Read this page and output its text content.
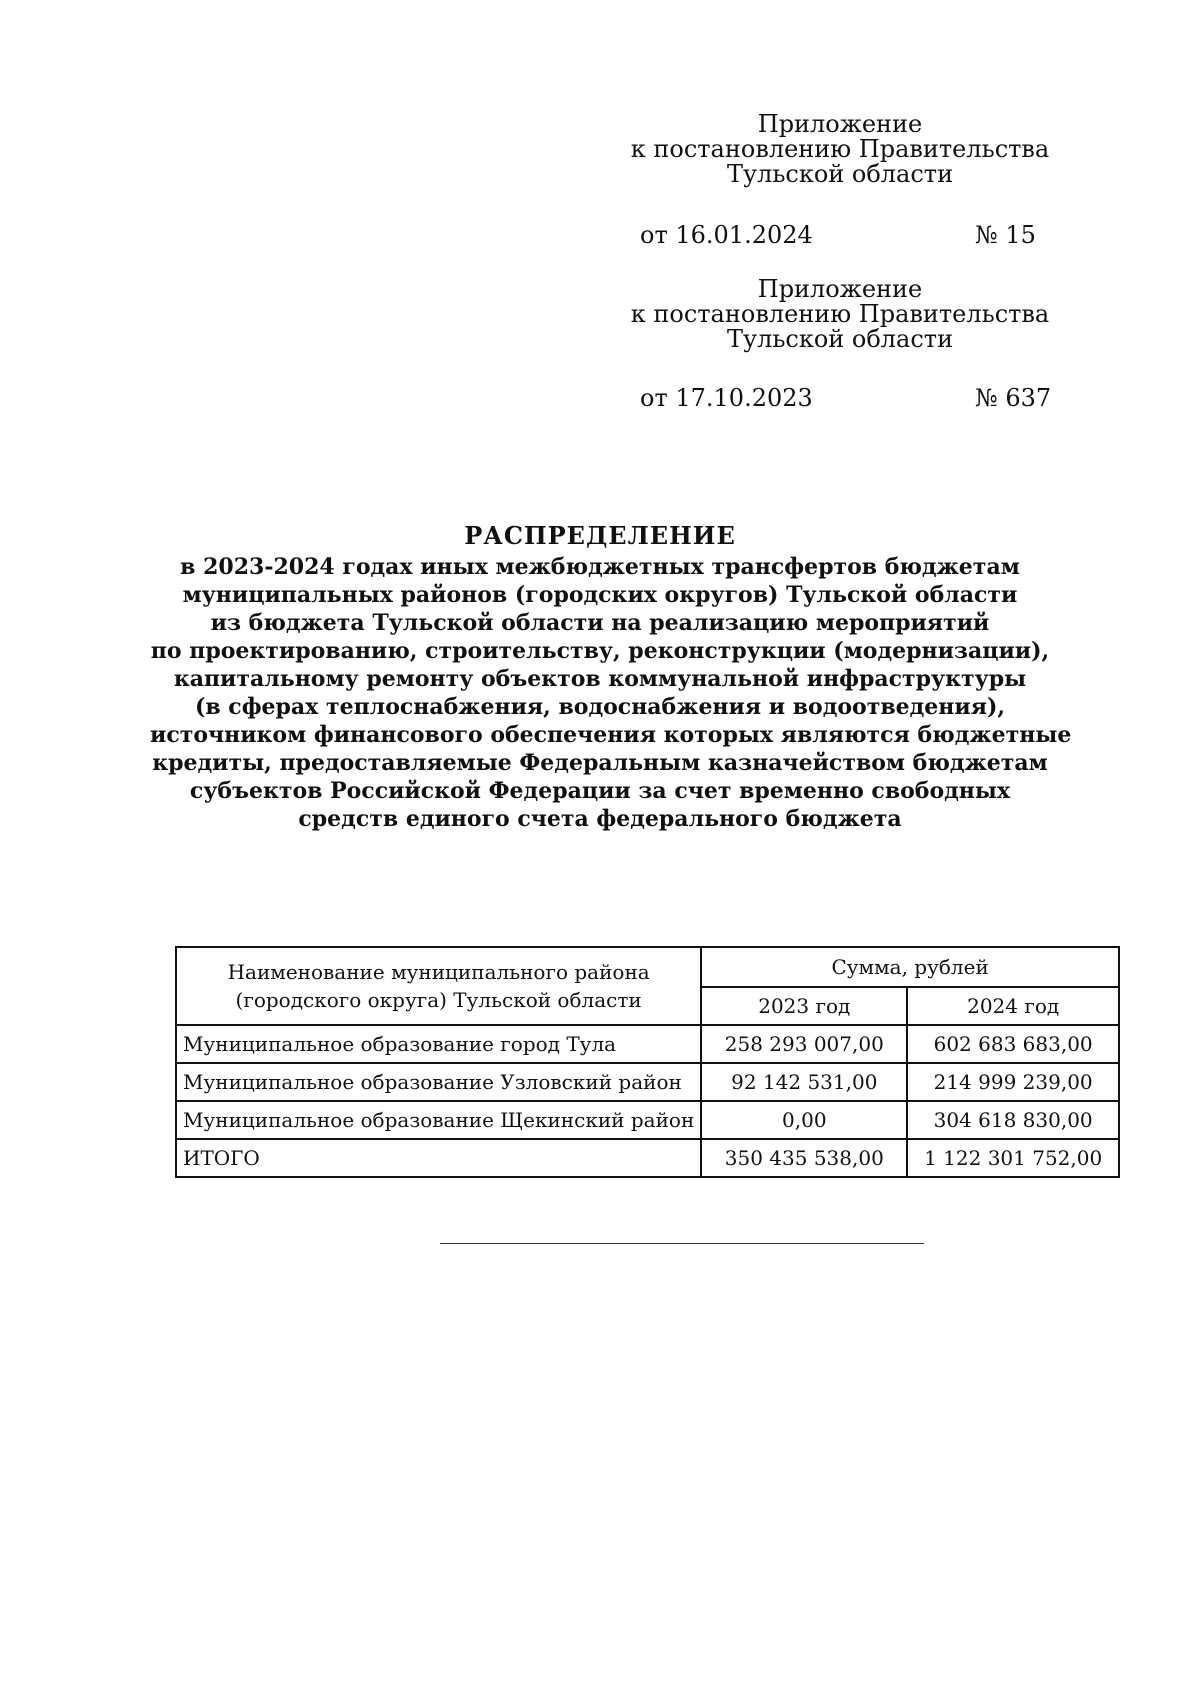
Приложение
к постановлению Правительства
Тульской области
от 16.01.2024	№ 15
Приложение
к постановлению Правительства
Тульской области
от 17.10.2023	№ 637
РАСПРЕДЕЛЕНИЕ
в 2023-2024 годах иных межбюджетных трансфертов бюджетам
муниципальных районов (городских округов) Тульской области
из бюджета Тульской области на реализацию мероприятий
по проектированию, строительству, реконструкции (модернизации),
капитальному ремонту объектов коммунальной инфраструктуры
(в сферах теплоснабжения, водоснабжения и водоотведения),
источником финансового обеспечения которых являются бюджетные
кредиты, предоставляемые Федеральным казначейством бюджетам
субъектов Российской Федерации за счет временно свободных
средств единого счета федерального бюджета
Наименование муниципального района
(городского округа) Тульской области	Сумма, рублей	
	2023 год	2024 год
Муниципальное образование город Тула	258 293 007,00	602 683 683,00
Муниципальное образование Узловский район	92 142 531,00	214 999 239,00
Муниципальное образование Щекинский район	0,00	304 618 830,00
ИТОГО	350 435 538,00	1 122 301 752,00
